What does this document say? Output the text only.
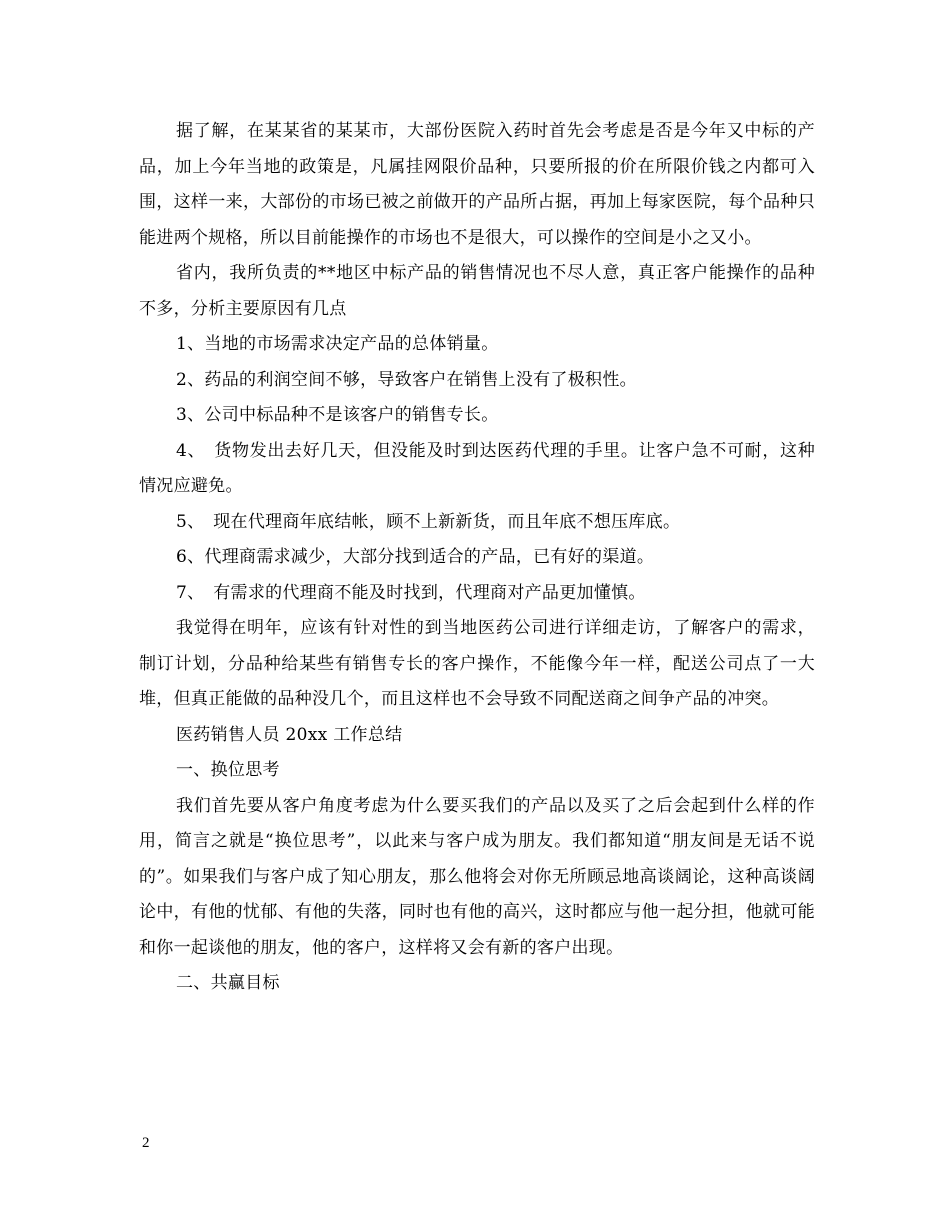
据了解，在某某省的某某市，大部份医院入药时首先会考虑是否是今年又中标的产品，加上今年当地的政策是，凡属挂网限价品种，只要所报的价在所限价钱之内都可入围，这样一来，大部份的市场已被之前做开的产品所占据，再加上每家医院，每个品种只能进两个规格，所以目前能操作的市场也不是很大，可以操作的空间是小之又小。

省内，我所负责的**地区中标产品的销售情况也不尽人意，真正客户能操作的品种不多，分析主要原因有几点

1、当地的市场需求决定产品的总体销量。

2、药品的利润空间不够，导致客户在销售上没有了极积性。

3、公司中标品种不是该客户的销售专长。

4、　货物发出去好几天，但没能及时到达医药代理的手里。让客户急不可耐，这种情况应避免。

5、　现在代理商年底结帐，顾不上新新货，而且年底不想压库底。

6、代理商需求减少，大部分找到适合的产品，已有好的渠道。

7、　有需求的代理商不能及时找到，代理商对产品更加懂慎。

我觉得在明年，应该有针对性的到当地医药公司进行详细走访，了解客户的需求，制订计划，分品种给某些有销售专长的客户操作，不能像今年一样，配送公司点了一大堆，但真正能做的品种没几个，而且这样也不会导致不同配送商之间争产品的冲突。

医药销售人员 20xx 工作总结

一、换位思考

我们首先要从客户角度考虑为什么要买我们的产品以及买了之后会起到什么样的作用，简言之就是“换位思考”，以此来与客户成为朋友。我们都知道“朋友间是无话不说的”。如果我们与客户成了知心朋友，那么他将会对你无所顾忌地高谈阔论，这种高谈阔论中，有他的忧郁、有他的失落，同时也有他的高兴，这时都应与他一起分担，他就可能和你一起谈他的朋友，他的客户，这样将又会有新的客户出现。

二、共赢目标

2
